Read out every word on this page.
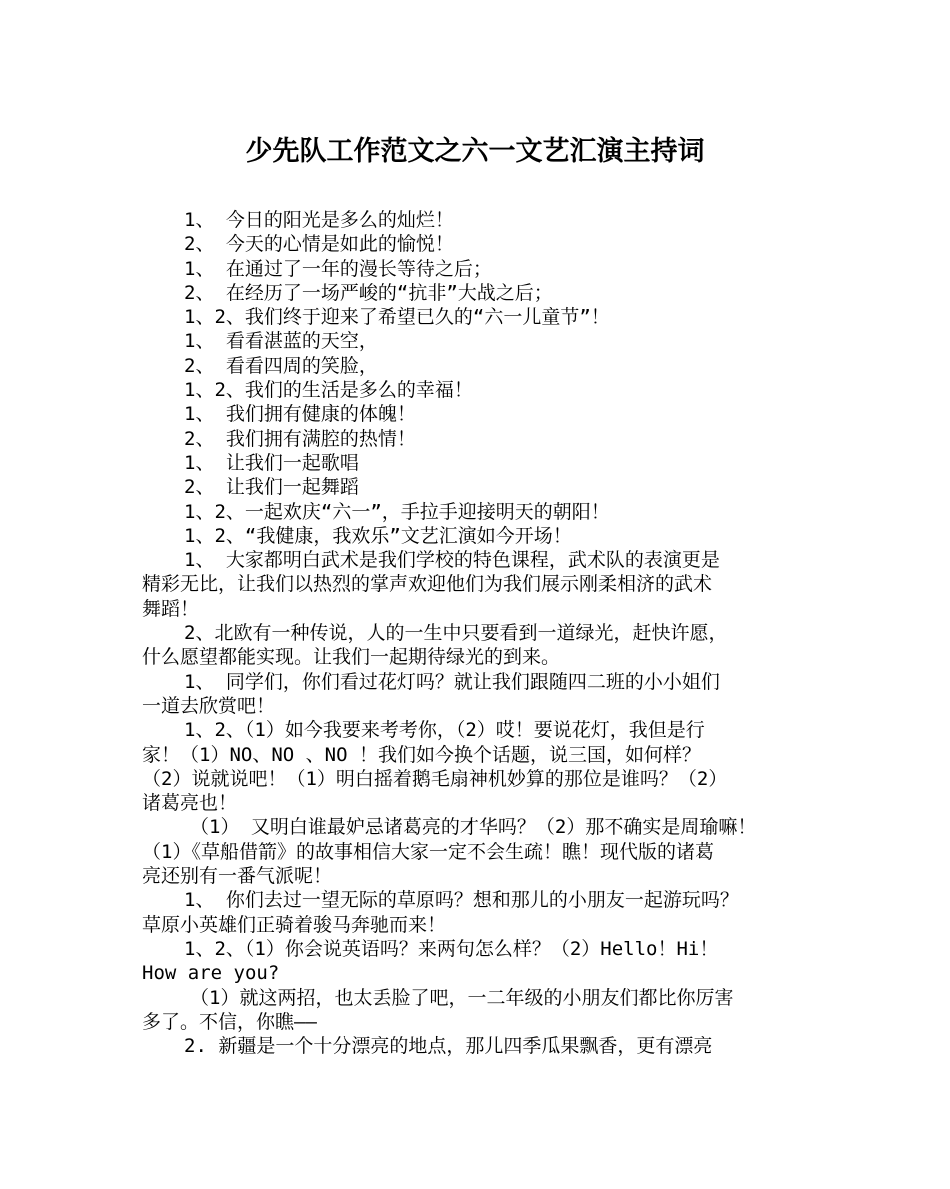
少先队工作范文之六一文艺汇演主持词
1、 今日的阳光是多么的灿烂！
2、 今天的心情是如此的愉悦！
1、 在通过了一年的漫长等待之后；
2、 在经历了一场严峻的“抗非”大战之后；
1、2、我们终于迎来了希望已久的“六一儿童节”！
1、 看看湛蓝的天空，
2、 看看四周的笑脸，
1、2、我们的生活是多么的幸福！
1、 我们拥有健康的体魄！
2、 我们拥有满腔的热情！
1、 让我们一起歌唱
2、 让我们一起舞蹈
1、2、一起欢庆“六一”，手拉手迎接明天的朝阳！
1、2、“我健康，我欢乐”文艺汇演如今开场！
1、 大家都明白武术是我们学校的特色课程，武术队的表演更是
精彩无比，让我们以热烈的掌声欢迎他们为我们展示刚柔相济的武术
舞蹈！
2、北欧有一种传说，人的一生中只要看到一道绿光，赶快许愿，
什么愿望都能实现。让我们一起期待绿光的到来。
1、 同学们，你们看过花灯吗？就让我们跟随四二班的小小姐们
一道去欣赏吧！
1、2、（1）如今我要来考考你，（2）哎！要说花灯，我但是行
家！（1）NO、NO 、NO ！我们如今换个话题，说三国，如何样？
（2）说就说吧！（1）明白摇着鹅毛扇神机妙算的那位是谁吗？（2）
诸葛亮也！
（1） 又明白谁最妒忌诸葛亮的才华吗？（2）那不确实是周瑜嘛！
（1）《草船借箭》的故事相信大家一定不会生疏！瞧！现代版的诸葛
亮还别有一番气派呢！
1、 你们去过一望无际的草原吗？想和那儿的小朋友一起游玩吗？
草原小英雄们正骑着骏马奔驰而来！
1、2、（1）你会说英语吗？来两句怎么样？（2）Hello！Hi！
How are you?
（1）就这两招，也太丢脸了吧，一二年级的小朋友们都比你厉害
多了。不信，你瞧——
2. 新疆是一个十分漂亮的地点，那儿四季瓜果飘香，更有漂亮
